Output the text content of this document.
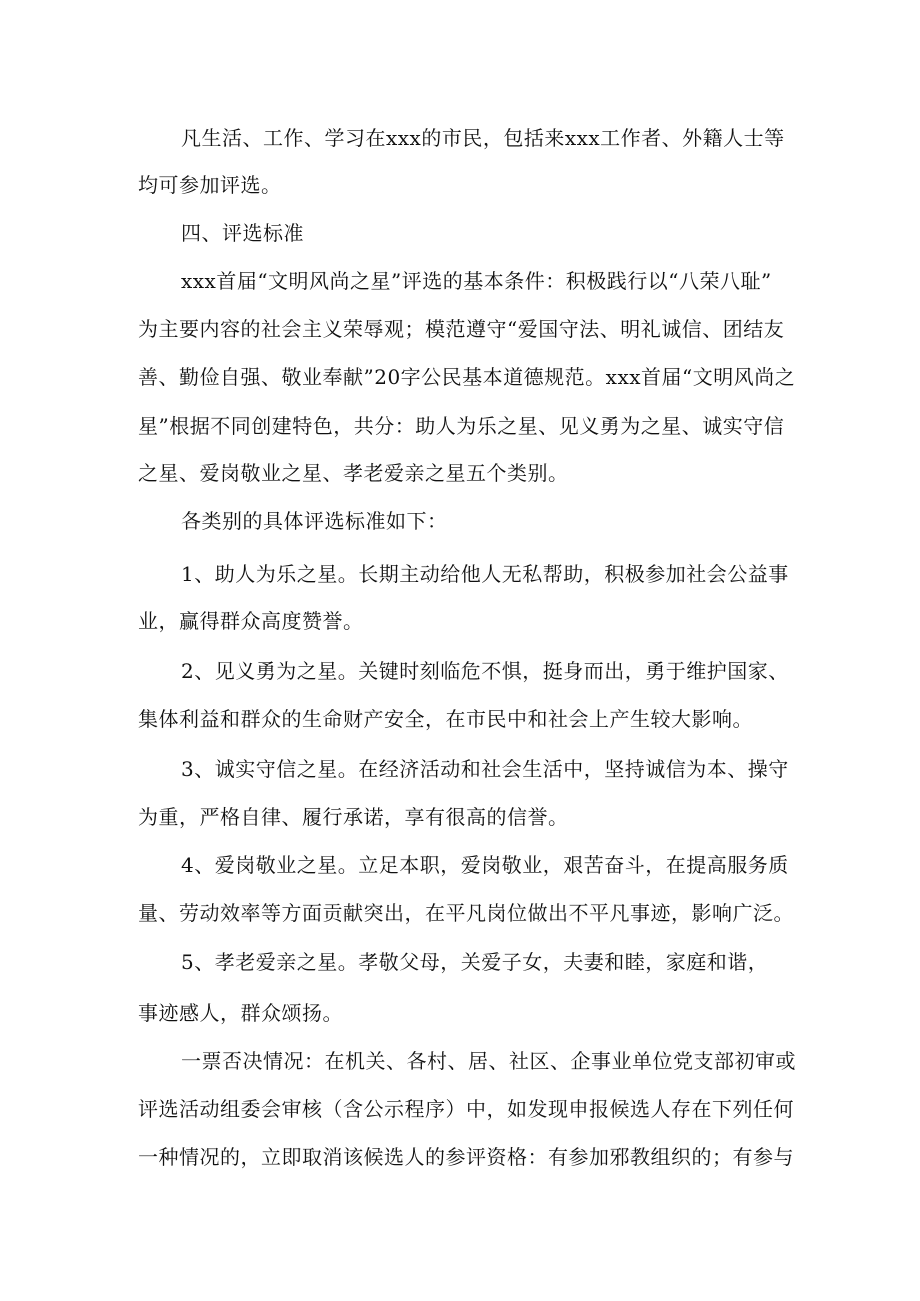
凡生活、工作、学习在xxx的市民，包括来xxx工作者、外籍人士等
均可参加评选。
四、评选标准
xxx首届“文明风尚之星”评选的基本条件：积极践行以“八荣八耻”
为主要内容的社会主义荣辱观；模范遵守“爱国守法、明礼诚信、团结友
善、勤俭自强、敬业奉献”20字公民基本道德规范。xxx首届“文明风尚之
星”根据不同创建特色，共分：助人为乐之星、见义勇为之星、诚实守信
之星、爱岗敬业之星、孝老爱亲之星五个类别。
各类别的具体评选标准如下：
1、助人为乐之星。长期主动给他人无私帮助，积极参加社会公益事
业，赢得群众高度赞誉。
2、见义勇为之星。关键时刻临危不惧，挺身而出，勇于维护国家、
集体利益和群众的生命财产安全，在市民中和社会上产生较大影响。
3、诚实守信之星。在经济活动和社会生活中，坚持诚信为本、操守
为重，严格自律、履行承诺，享有很高的信誉。
4、爱岗敬业之星。立足本职，爱岗敬业，艰苦奋斗，在提高服务质
量、劳动效率等方面贡献突出，在平凡岗位做出不平凡事迹，影响广泛。
5、孝老爱亲之星。孝敬父母，关爱子女，夫妻和睦，家庭和谐，
事迹感人，群众颂扬。
一票否决情况：在机关、各村、居、社区、企事业单位党支部初审或
评选活动组委会审核（含公示程序）中，如发现申报候选人存在下列任何
一种情况的，立即取消该候选人的参评资格：有参加邪教组织的；有参与
